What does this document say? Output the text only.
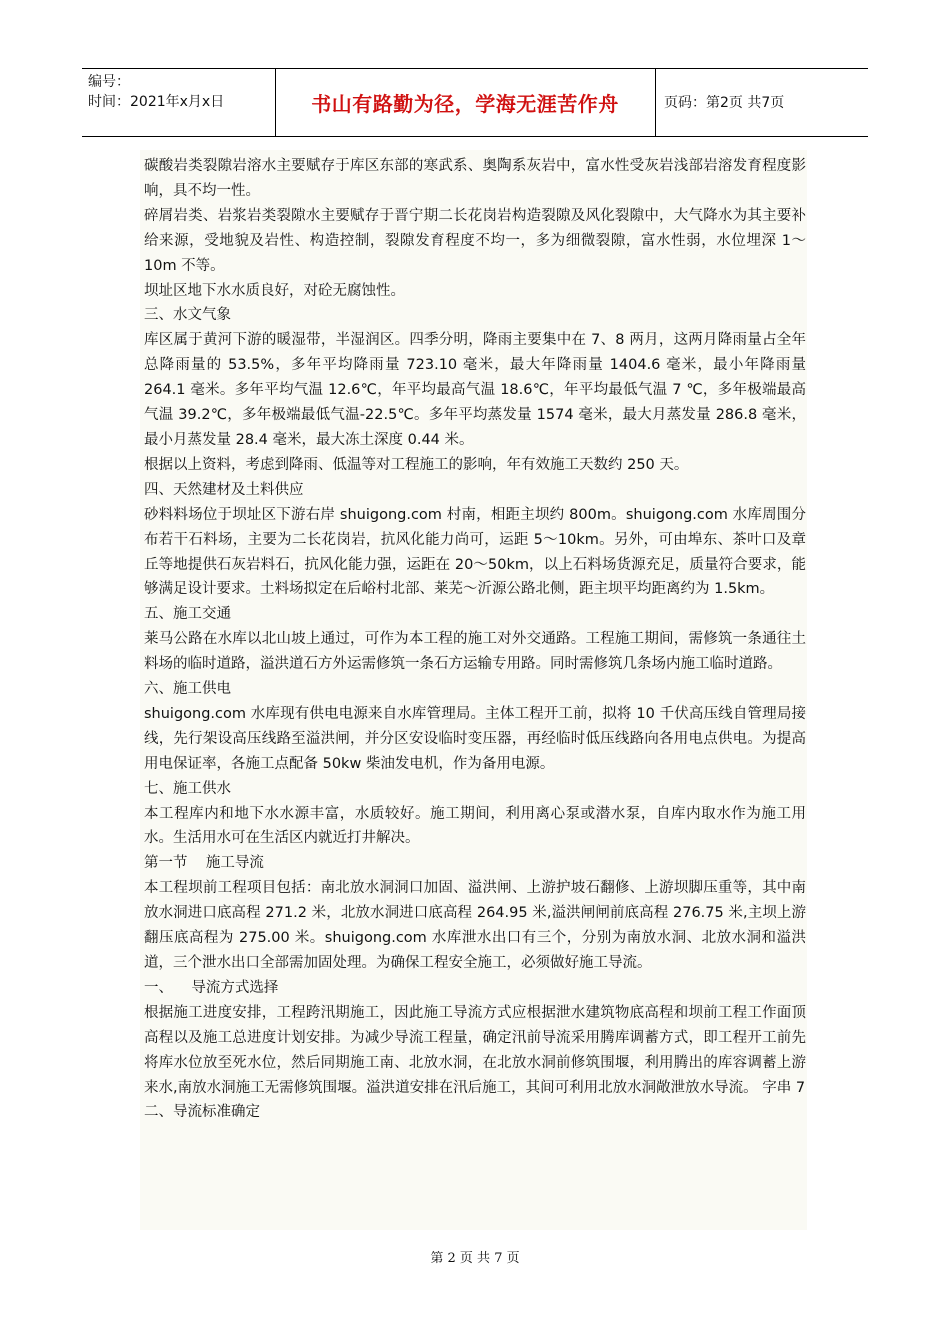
编号：
时间：2021年x月x日	书山有路勤为径，学海无涯苦作舟	页码：第2页 共7页

碳酸岩类裂隙岩溶水主要赋存于库区东部的寒武系、奥陶系灰岩中，富水性受灰岩浅部岩溶发育程度影响，具不均一性。

碎屑岩类、岩浆岩类裂隙水主要赋存于晋宁期二长花岗岩构造裂隙及风化裂隙中，大气降水为其主要补给来源，受地貌及岩性、构造控制，裂隙发育程度不均一，多为细微裂隙，富水性弱，水位埋深 1～10m 不等。

坝址区地下水水质良好，对砼无腐蚀性。

三、水文气象

库区属于黄河下游的暖湿带，半湿润区。四季分明，降雨主要集中在 7、8 两月，这两月降雨量占全年总降雨量的 53.5%，多年平均降雨量 723.10 毫米，最大年降雨量 1404.6 毫米，最小年降雨量 264.1 毫米。多年平均气温 12.6℃，年平均最高气温 18.6℃，年平均最低气温 7 ℃，多年极端最高气温 39.2℃，多年极端最低气温-22.5℃。多年平均蒸发量 1574 毫米，最大月蒸发量 286.8 毫米，最小月蒸发量 28.4 毫米，最大冻土深度 0.44 米。

根据以上资料，考虑到降雨、低温等对工程施工的影响，年有效施工天数约 250 天。

四、天然建材及土料供应

砂料料场位于坝址区下游右岸 shuigong.com 村南，相距主坝约 800m。shuigong.com 水库周围分布若干石料场，主要为二长花岗岩，抗风化能力尚可，运距 5～10km。另外，可由埠东、茶叶口及章丘等地提供石灰岩料石，抗风化能力强，运距在 20～50km，以上石料场货源充足，质量符合要求，能够满足设计要求。土料场拟定在后峪村北部、莱芜～沂源公路北侧，距主坝平均距离约为 1.5km。

五、施工交通

莱马公路在水库以北山坡上通过，可作为本工程的施工对外交通路。工程施工期间，需修筑一条通往土料场的临时道路，溢洪道石方外运需修筑一条石方运输专用路。同时需修筑几条场内施工临时道路。

六、施工供电

shuigong.com 水库现有供电电源来自水库管理局。主体工程开工前，拟将 10 千伏高压线自管理局接线，先行架设高压线路至溢洪闸，并分区安设临时变压器，再经临时低压线路向各用电点供电。为提高用电保证率，各施工点配备 50kw 柴油发电机，作为备用电源。

七、施工供水

本工程库内和地下水水源丰富，水质较好。施工期间，利用离心泵或潜水泵，自库内取水作为施工用水。生活用水可在生活区内就近打井解决。

第一节    施工导流

本工程坝前工程项目包括：南北放水洞洞口加固、溢洪闸、上游护坡石翻修、上游坝脚压重等，其中南放水洞进口底高程 271.2 米，北放水洞进口底高程 264.95 米,溢洪闸闸前底高程 276.75 米,主坝上游翻压底高程为 275.00 米。shuigong.com 水库泄水出口有三个，分别为南放水洞、北放水洞和溢洪道，三个泄水出口全部需加固处理。为确保工程安全施工，必须做好施工导流。

一、    导流方式选择

根据施工进度安排，工程跨汛期施工，因此施工导流方式应根据泄水建筑物底高程和坝前工程工作面顶高程以及施工总进度计划安排。为减少导流工程量，确定汛前导流采用腾库调蓄方式，即工程开工前先将库水位放至死水位，然后同期施工南、北放水洞，在北放水洞前修筑围堰，利用腾出的库容调蓄上游来水,南放水洞施工无需修筑围堰。溢洪道安排在汛后施工，其间可利用北放水洞敞泄放水导流。 字串 7

二、导流标准确定

第 2 页 共 7 页
